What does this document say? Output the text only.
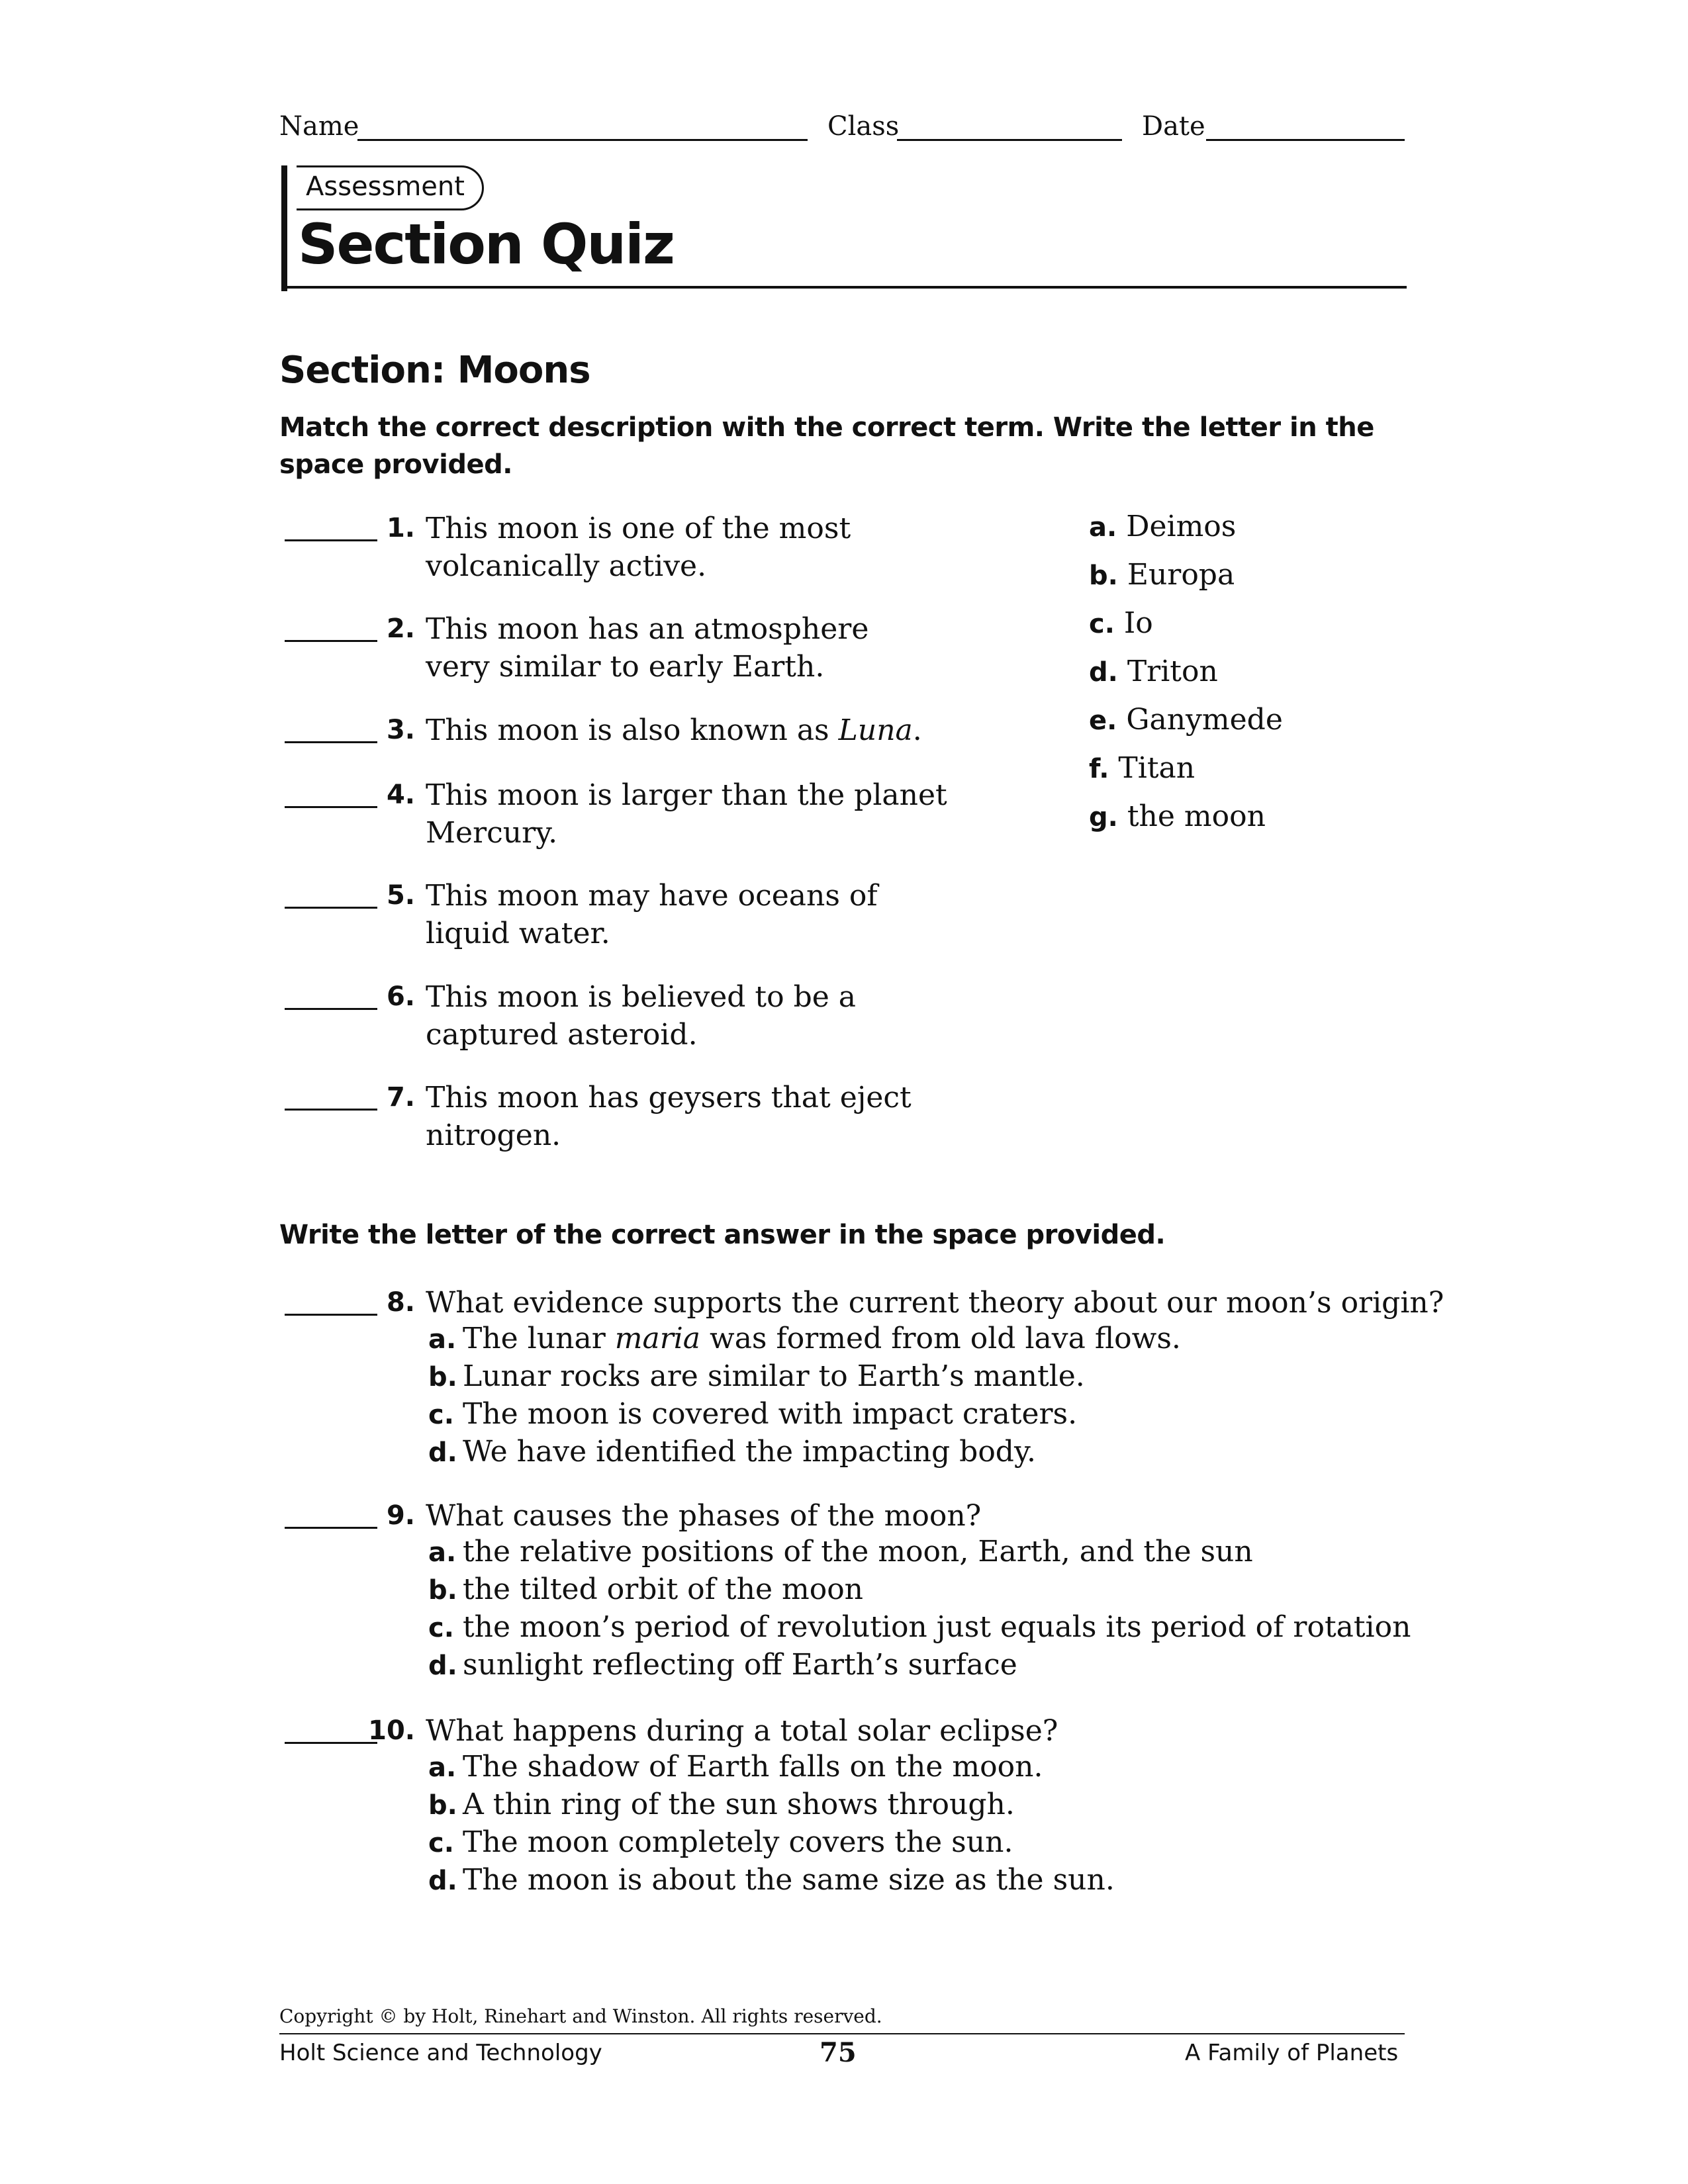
Name	Class	Date
Assessment
Section Quiz
Section: Moons
Match the correct description with the correct term. Write the letter in the space provided.
1. This moon is one of the most
volcanically active.
2. This moon has an atmosphere
very similar to early Earth.
3. This moon is also known as Luna.
4. This moon is larger than the planet
Mercury.
5. This moon may have oceans of
liquid water.
6. This moon is believed to be a
captured asteroid.
7. This moon has geysers that eject
nitrogen.
a. Deimos
b. Europa
c. Io
d. Triton
e. Ganymede
f. Titan
g. the moon
Write the letter of the correct answer in the space provided.
8. What evidence supports the current theory about our moon’s origin?
a. The lunar maria was formed from old lava flows.
b. Lunar rocks are similar to Earth’s mantle.
c. The moon is covered with impact craters.
d. We have identified the impacting body.
9. What causes the phases of the moon?
a. the relative positions of the moon, Earth, and the sun
b. the tilted orbit of the moon
c. the moon’s period of revolution just equals its period of rotation
d. sunlight reflecting off Earth’s surface
10. What happens during a total solar eclipse?
a. The shadow of Earth falls on the moon.
b. A thin ring of the sun shows through.
c. The moon completely covers the sun.
d. The moon is about the same size as the sun.
Copyright © by Holt, Rinehart and Winston. All rights reserved.
Holt Science and Technology	75	A Family of Planets
